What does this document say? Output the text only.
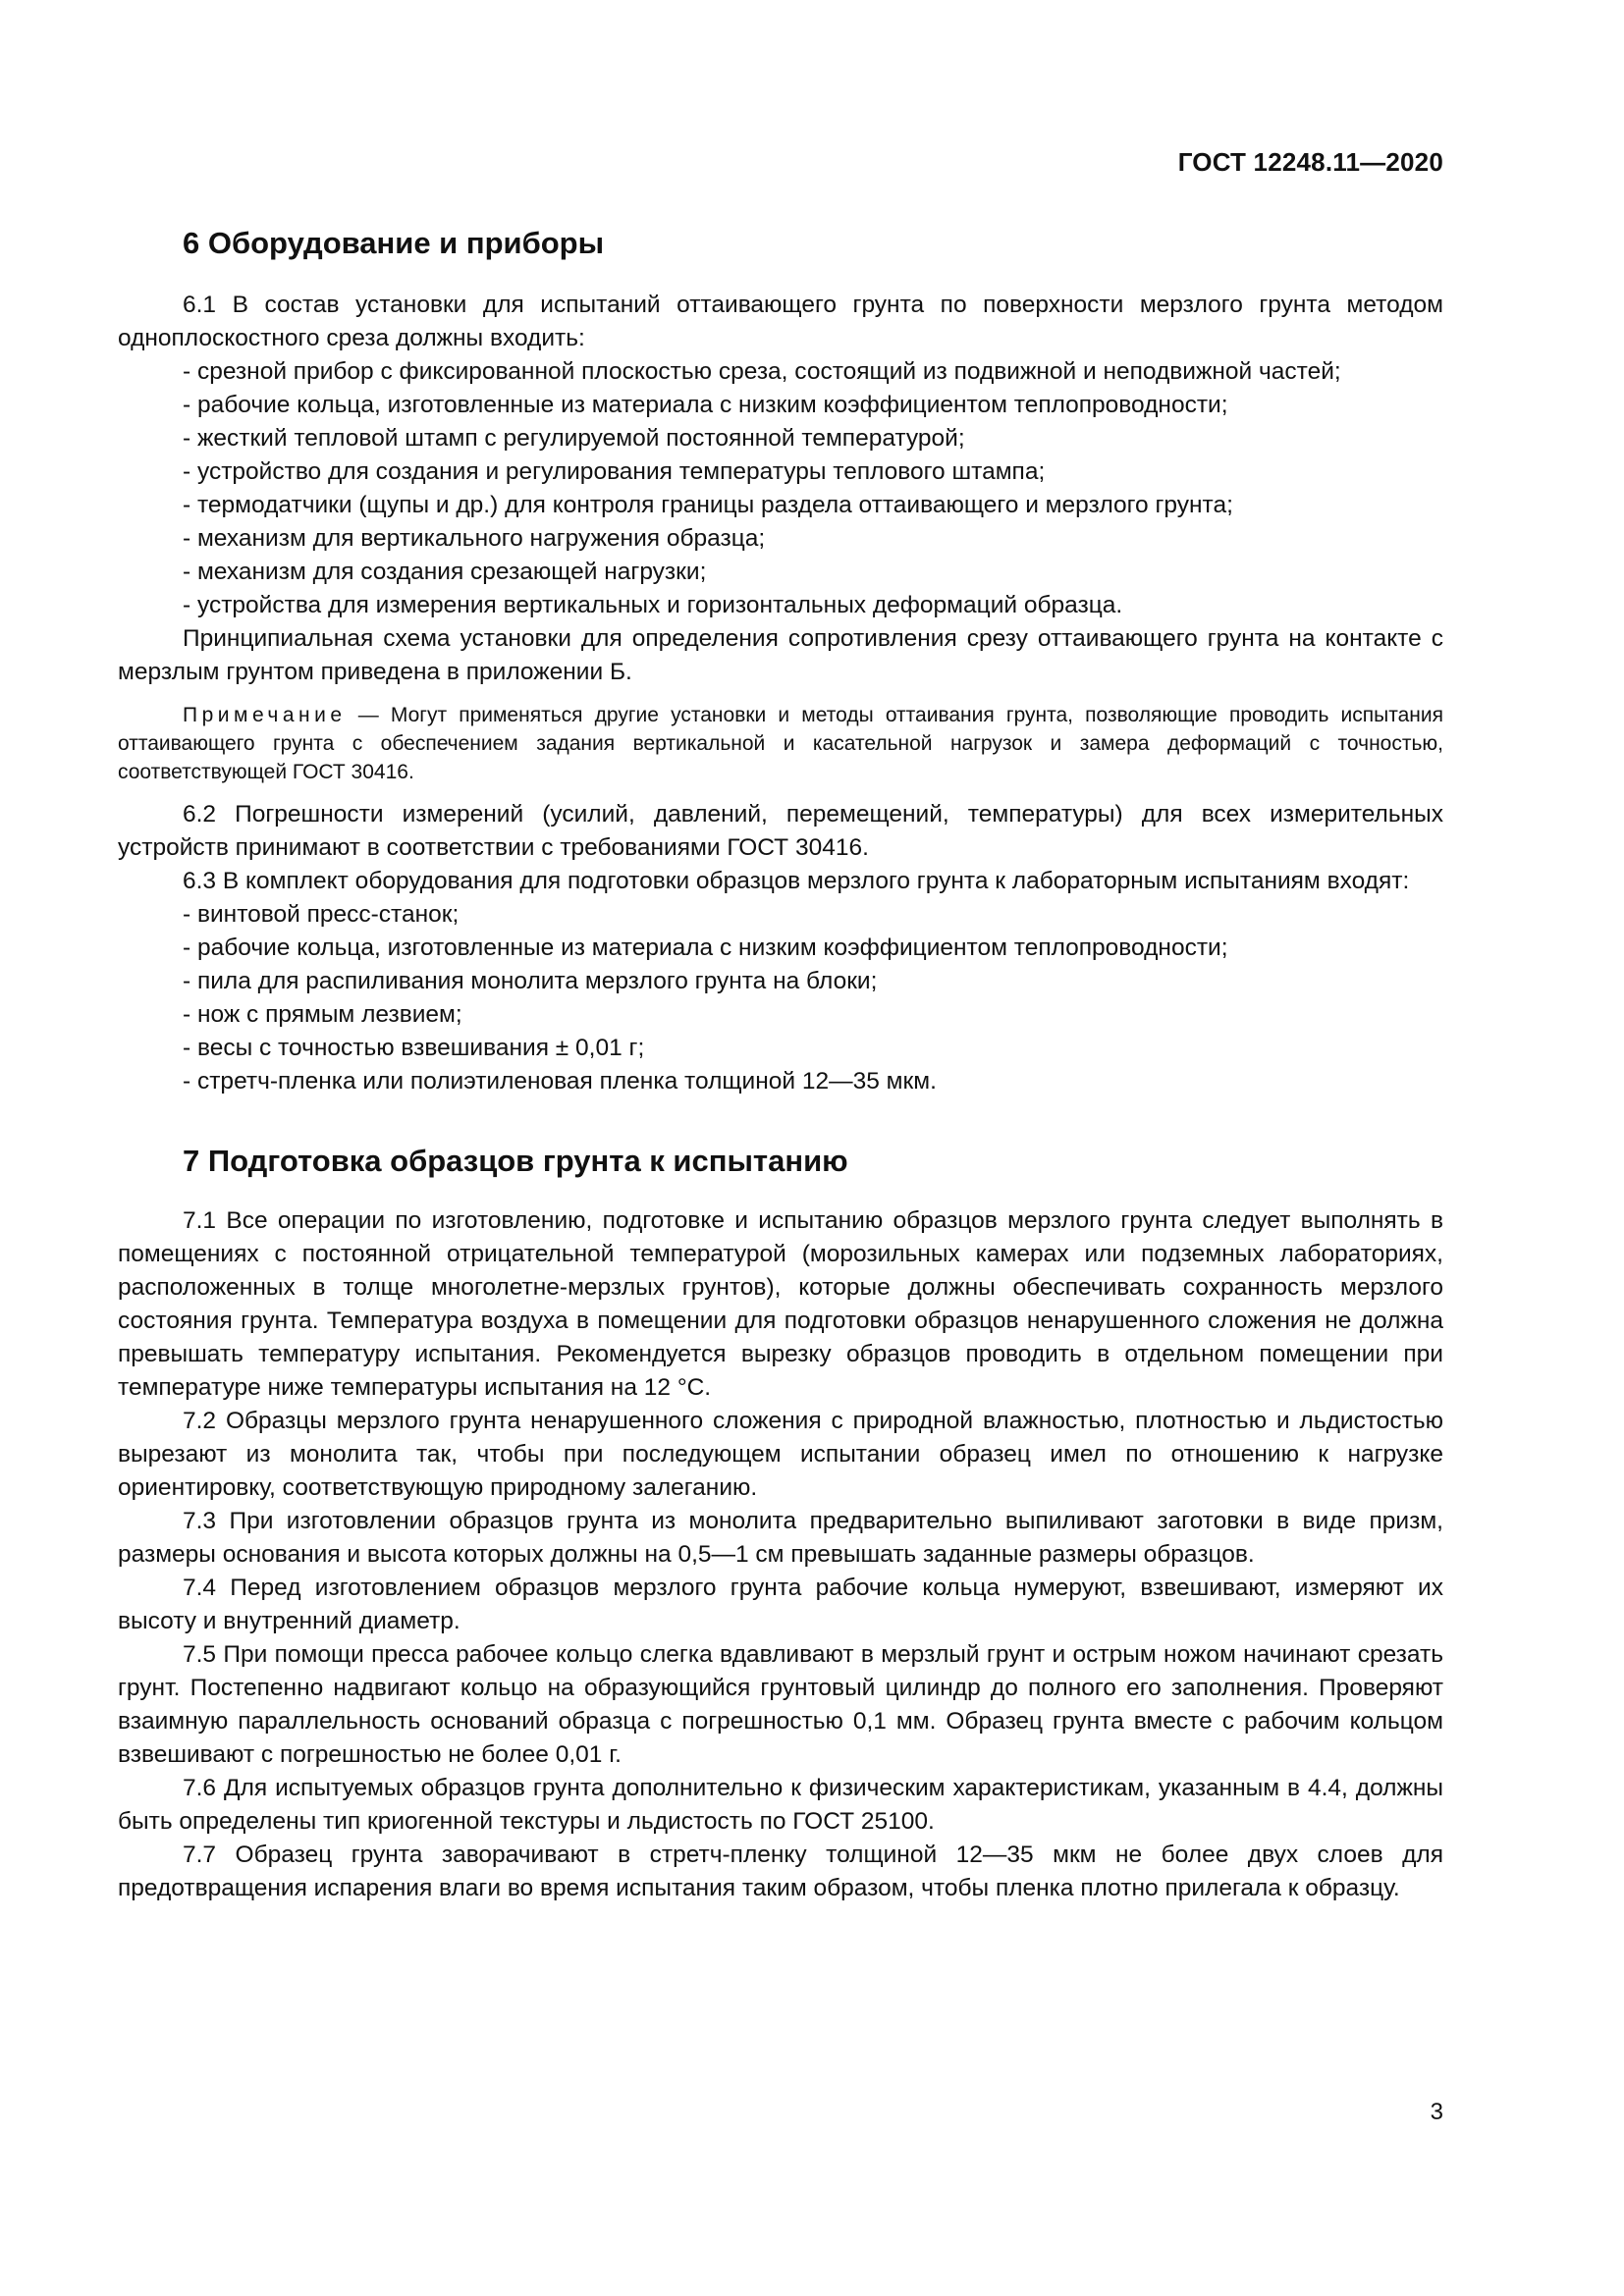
ГОСТ 12248.11—2020
6 Оборудование и приборы

6.1 В состав установки для испытаний оттаивающего грунта по поверхности мерзлого грунта методом одноплоскостного среза должны входить:

- срезной прибор с фиксированной плоскостью среза, состоящий из подвижной и неподвижной частей;

- рабочие кольца, изготовленные из материала с низким коэффициентом теплопроводности;

- жесткий тепловой штамп с регулируемой постоянной температурой;

- устройство для создания и регулирования температуры теплового штампа;

- термодатчики (щупы и др.) для контроля границы раздела оттаивающего и мерзлого грунта;

- механизм для вертикального нагружения образца;

- механизм для создания срезающей нагрузки;

- устройства для измерения вертикальных и горизонтальных деформаций образца.

Принципиальная схема установки для определения сопротивления срезу оттаивающего грунта на контакте с мерзлым грунтом приведена в приложении Б.

Примечание — Могут применяться другие установки и методы оттаивания грунта, позволяющие проводить испытания оттаивающего грунта с обеспечением задания вертикальной и касательной нагрузок и замера деформаций с точностью, соответствующей ГОСТ 30416.

6.2 Погрешности измерений (усилий, давлений, перемещений, температуры) для всех измерительных устройств принимают в соответствии с требованиями ГОСТ 30416.

6.3 В комплект оборудования для подготовки образцов мерзлого грунта к лабораторным испытаниям входят:

- винтовой пресс-станок;

- рабочие кольца, изготовленные из материала с низким коэффициентом теплопроводности;

- пила для распиливания монолита мерзлого грунта на блоки;

- нож с прямым лезвием;

- весы с точностью взвешивания ± 0,01 г;

- стретч-пленка или полиэтиленовая пленка толщиной 12—35 мкм.

7 Подготовка образцов грунта к испытанию

7.1 Все операции по изготовлению, подготовке и испытанию образцов мерзлого грунта следует выполнять в помещениях с постоянной отрицательной температурой (морозильных камерах или подземных лабораториях, расположенных в толще многолетне-мерзлых грунтов), которые должны обеспечивать сохранность мерзлого состояния грунта. Температура воздуха в помещении для подготовки образцов ненарушенного сложения не должна превышать температуру испытания. Рекомендуется вырезку образцов проводить в отдельном помещении при температуре ниже температуры испытания на 12 °С.

7.2 Образцы мерзлого грунта ненарушенного сложения с природной влажностью, плотностью и льдистостью вырезают из монолита так, чтобы при последующем испытании образец имел по отношению к нагрузке ориентировку, соответствующую природному залеганию.

7.3 При изготовлении образцов грунта из монолита предварительно выпиливают заготовки в виде призм, размеры основания и высота которых должны на 0,5—1 см превышать заданные размеры образцов.

7.4 Перед изготовлением образцов мерзлого грунта рабочие кольца нумеруют, взвешивают, измеряют их высоту и внутренний диаметр.

7.5 При помощи пресса рабочее кольцо слегка вдавливают в мерзлый грунт и острым ножом начинают срезать грунт. Постепенно надвигают кольцо на образующийся грунтовый цилиндр до полного его заполнения. Проверяют взаимную параллельность оснований образца с погрешностью 0,1 мм. Образец грунта вместе с рабочим кольцом взвешивают с погрешностью не более 0,01 г.

7.6 Для испытуемых образцов грунта дополнительно к физическим характеристикам, указанным в 4.4, должны быть определены тип криогенной текстуры и льдистость по ГОСТ 25100.

7.7 Образец грунта заворачивают в стретч-пленку толщиной 12—35 мкм не более двух слоев для предотвращения испарения влаги во время испытания таким образом, чтобы пленка плотно прилегала к образцу.

3
